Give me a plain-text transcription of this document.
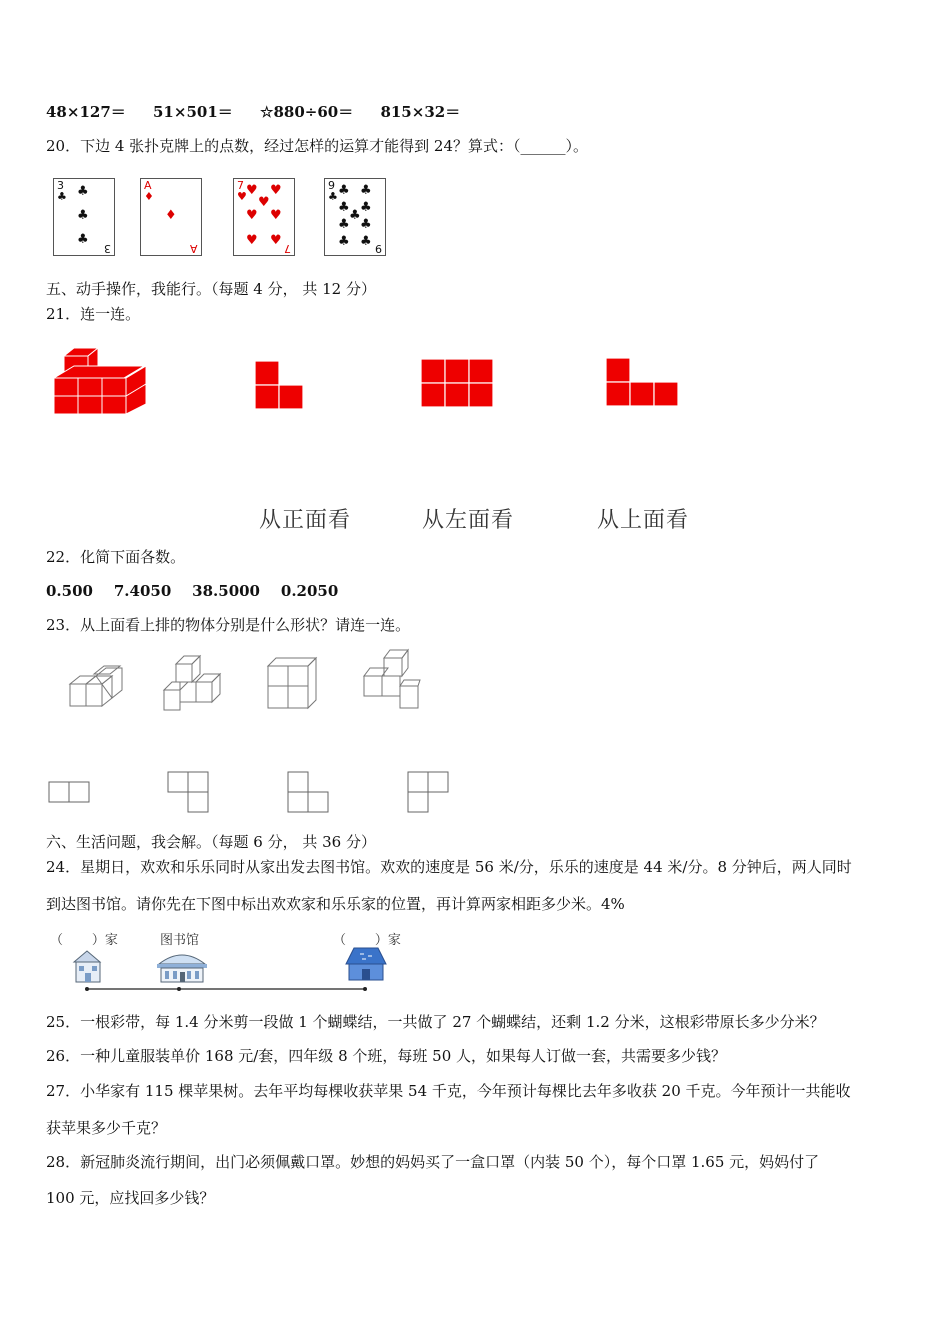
48×127＝ 51×501＝ ☆880÷60＝ 815×32＝
20．下边 4 张扑克牌上的点数，经过怎样的运算才能得到 24？算式：（______）。
3
♣ ♣
♣
♣
3
A
♦
♦
A
7
♥ ♥ ♥
♥
♥ ♥
♥ ♥
7
9
♣ ♣ ♣
♣ ♣
♣
♣ ♣
♣ ♣ 9
五、动手操作，我能行。（每题 4 分， 共 12 分）
21．连一连。
从正面看	从左面看	从上面看
22．化简下面各数。
0.500    7.4050    38.5000    0.2050
23．从上面看上排的物体分别是什么形状？请连一连。
六、生活问题，我会解。（每题 6 分， 共 36 分）
24．星期日，欢欢和乐乐同时从家出发去图书馆。欢欢的速度是 56 米/分，乐乐的速度是 44 米/分。8 分钟后，两人同时
到达图书馆。请你先在下图中标出欢欢家和乐乐家的位置，再计算两家相距多少米。4%
（       ）家	图书馆	（       ）家
25．一根彩带，每 1.4 分米剪一段做 1 个蝴蝶结，一共做了 27 个蝴蝶结，还剩 1.2 分米，这根彩带原长多少分米？
26．一种儿童服装单价 168 元/套，四年级 8 个班，每班 50 人，如果每人订做一套，共需要多少钱？
27．小华家有 115 棵苹果树。去年平均每棵收获苹果 54 千克，今年预计每棵比去年多收获 20 千克。今年预计一共能收
获苹果多少千克？
28．新冠肺炎流行期间，出门必须佩戴口罩。妙想的妈妈买了一盒口罩（内装 50 个），每个口罩 1.65 元，妈妈付了
100 元，应找回多少钱？
